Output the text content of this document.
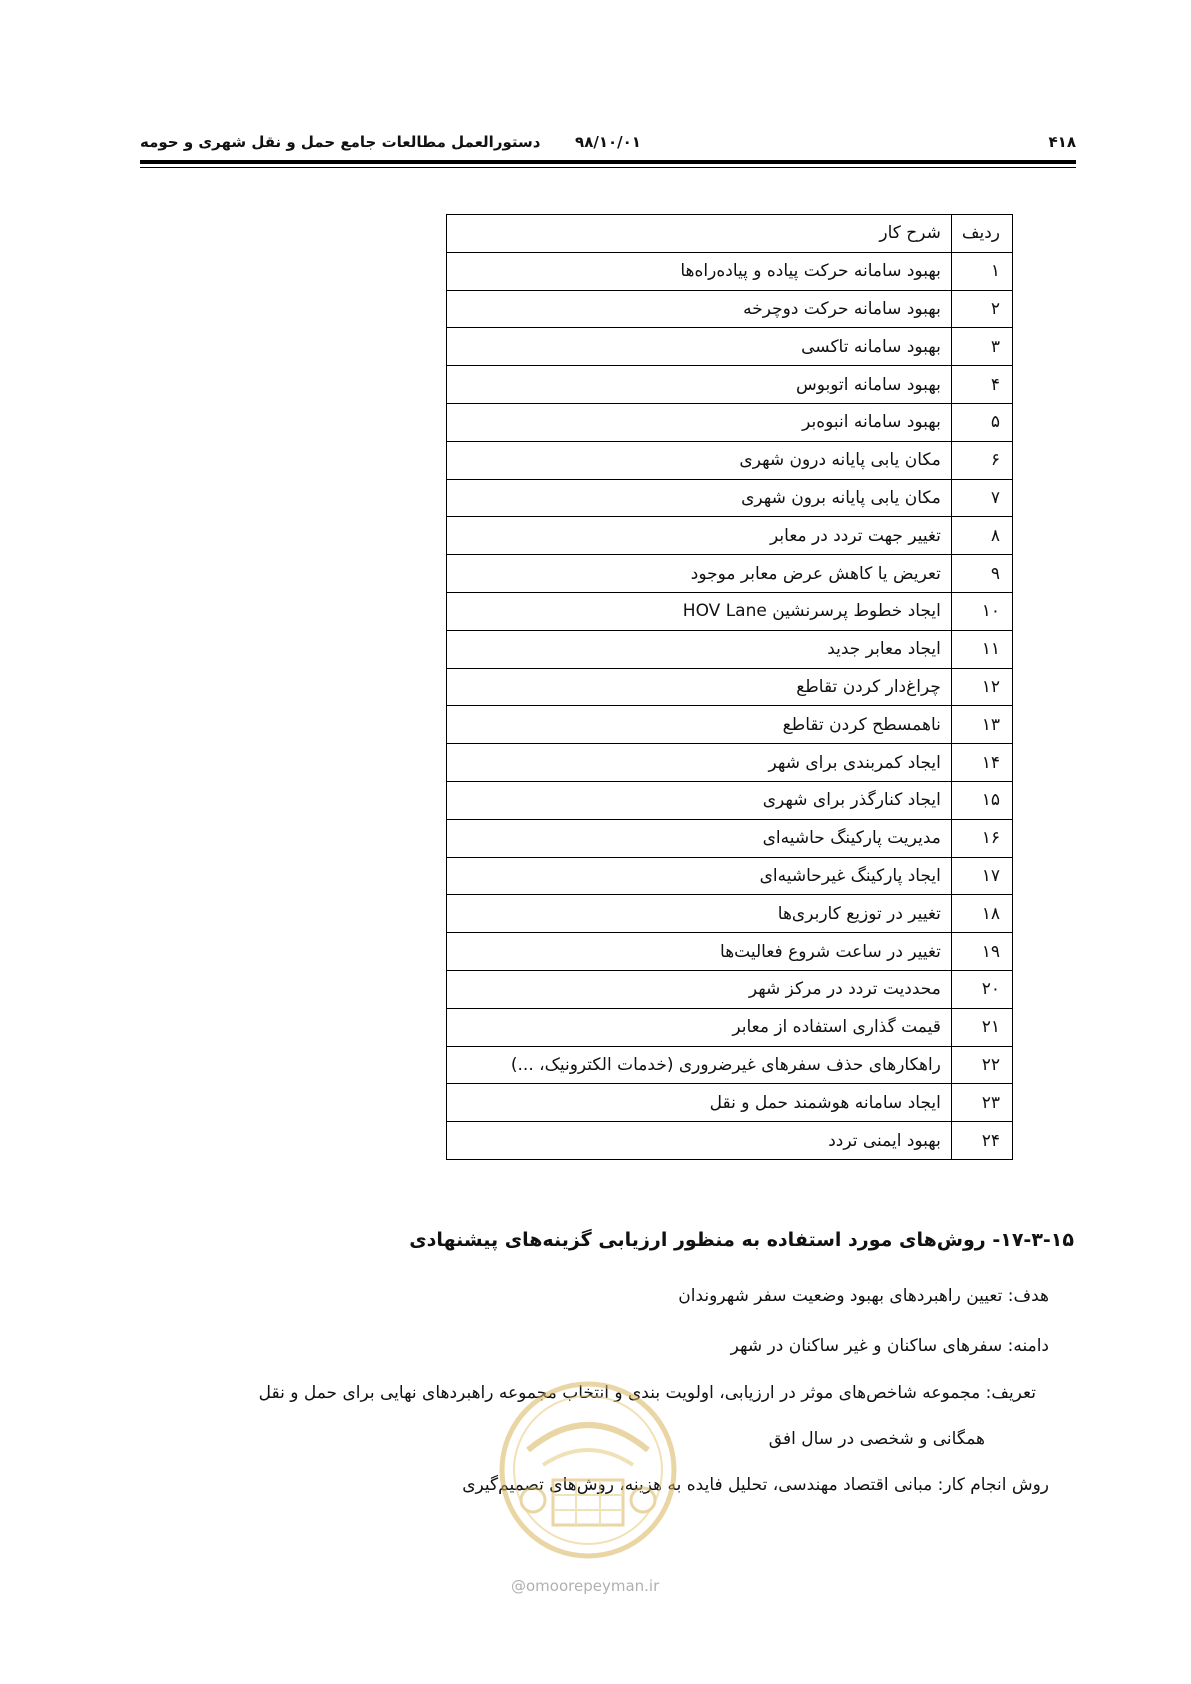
۴۱۸
۹۸/۱۰/۰۱
دستورالعمل مطالعات جامع حمل و نقل شهری و حومه
ردیف	شرح کار
۱	بهبود سامانه حرکت پیاده و پیاده‌راه‌ها
۲	بهبود سامانه حرکت دوچرخه
۳	بهبود سامانه تاکسی
۴	بهبود سامانه اتوبوس
۵	بهبود سامانه انبوه‌بر
۶	مکان یابی پایانه درون شهری
۷	مکان یابی پایانه برون شهری
۸	تغییر جهت تردد در معابر
۹	تعریض یا کاهش عرض معابر موجود
۱۰	ایجاد خطوط پرسرنشین HOV Lane
۱۱	ایجاد معابر جدید
۱۲	چراغ‌دار کردن تقاطع
۱۳	ناهمسطح کردن تقاطع
۱۴	ایجاد کمربندی برای شهر
۱۵	ایجاد کنارگذر برای شهری
۱۶	مدیریت پارکینگ حاشیه‌ای
۱۷	ایجاد پارکینگ غیرحاشیه‌ای
۱۸	تغییر در توزیع کاربری‌ها
۱۹	تغییر در ساعت شروع فعالیت‌ها
۲۰	محددیت تردد در مرکز شهر
۲۱	قیمت گذاری استفاده از معابر
۲۲	راهکارهای حذف سفرهای غیرضروری (خدمات الکترونیک، ...)
۲۳	ایجاد سامانه هوشمند حمل و نقل
۲۴	بهبود ایمنی تردد
۱۷-۳-۱۵- روش‌های مورد استفاده به منظور ارزیابی گزینه‌های پیشنهادی
هدف: تعیین راهبردهای بهبود وضعیت سفر شهروندان
دامنه: سفرهای ساکنان و غیر ساکنان در شهر
تعریف: مجموعه شاخص‌های موثر در ارزیابی، اولویت بندی و انتخاب مجموعه راهبردهای نهایی برای حمل و نقل
همگانی و شخصی در سال افق
روش انجام کار: مبانی اقتصاد مهندسی، تحلیل فایده به هزینه، روش‌های تصمیم‌گیری
@omoorepeyman.ir
